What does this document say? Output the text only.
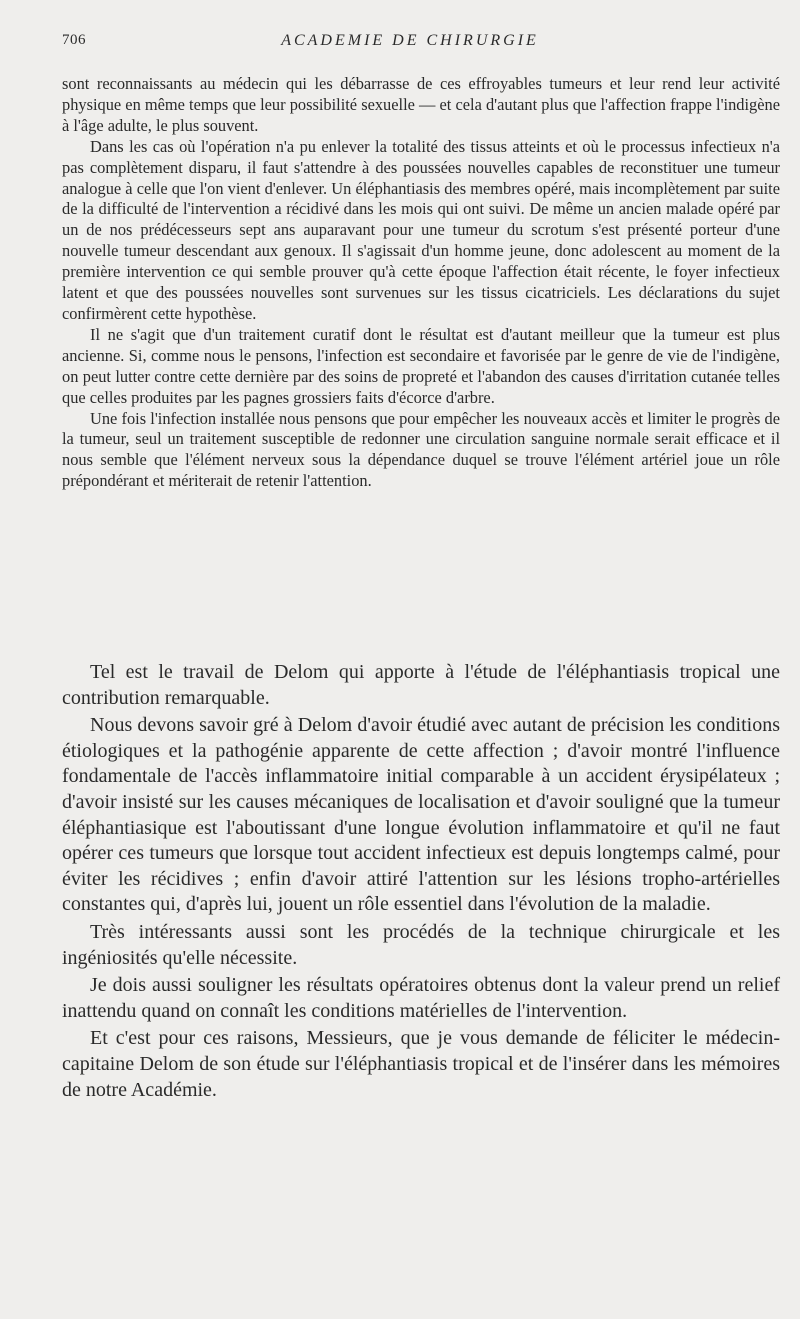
706	ACADEMIE DE CHIRURGIE

sont reconnaissants au médecin qui les débarrasse de ces effroyables tumeurs et leur rend leur activité physique en même temps que leur possibilité sexuelle — et cela d'autant plus que l'affection frappe l'indigène à l'âge adulte, le plus souvent.

Dans les cas où l'opération n'a pu enlever la totalité des tissus atteints et où le processus infectieux n'a pas complètement disparu, il faut s'attendre à des poussées nouvelles capables de reconstituer une tumeur analogue à celle que l'on vient d'enlever. Un éléphantiasis des membres opéré, mais incomplètement par suite de la difficulté de l'intervention a récidivé dans les mois qui ont suivi. De même un ancien malade opéré par un de nos prédécesseurs sept ans auparavant pour une tumeur du scrotum s'est présenté porteur d'une nouvelle tumeur descendant aux genoux. Il s'agissait d'un homme jeune, donc adolescent au moment de la première intervention ce qui semble prouver qu'à cette époque l'affection était récente, le foyer infectieux latent et que des poussées nouvelles sont survenues sur les tissus cicatriciels. Les déclarations du sujet confirmèrent cette hypothèse.

Il ne s'agit que d'un traitement curatif dont le résultat est d'autant meilleur que la tumeur est plus ancienne. Si, comme nous le pensons, l'infection est secondaire et favorisée par le genre de vie de l'indigène, on peut lutter contre cette dernière par des soins de propreté et l'abandon des causes d'irritation cutanée telles que celles produites par les pagnes grossiers faits d'écorce d'arbre.

Une fois l'infection installée nous pensons que pour empêcher les nouveaux accès et limiter le progrès de la tumeur, seul un traitement susceptible de redonner une circulation sanguine normale serait efficace et il nous semble que l'élément nerveux sous la dépendance duquel se trouve l'élément artériel joue un rôle prépondérant et mériterait de retenir l'attention.

Tel est le travail de Delom qui apporte à l'étude de l'éléphantiasis tropical une contribution remarquable.

Nous devons savoir gré à Delom d'avoir étudié avec autant de précision les conditions étiologiques et la pathogénie apparente de cette affection ; d'avoir montré l'influence fondamentale de l'accès inflammatoire initial comparable à un accident érysipélateux ; d'avoir insisté sur les causes mécaniques de localisation et d'avoir souligné que la tumeur éléphantiasique est l'aboutissant d'une longue évolution inflammatoire et qu'il ne faut opérer ces tumeurs que lorsque tout accident infectieux est depuis longtemps calmé, pour éviter les récidives ; enfin d'avoir attiré l'attention sur les lésions tropho-artérielles constantes qui, d'après lui, jouent un rôle essentiel dans l'évolution de la maladie.

Très intéressants aussi sont les procédés de la technique chirurgicale et les ingéniosités qu'elle nécessite.

Je dois aussi souligner les résultats opératoires obtenus dont la valeur prend un relief inattendu quand on connaît les conditions matérielles de l'intervention.

Et c'est pour ces raisons, Messieurs, que je vous demande de féliciter le médecin-capitaine Delom de son étude sur l'éléphantiasis tropical et de l'insérer dans les mémoires de notre Académie.
